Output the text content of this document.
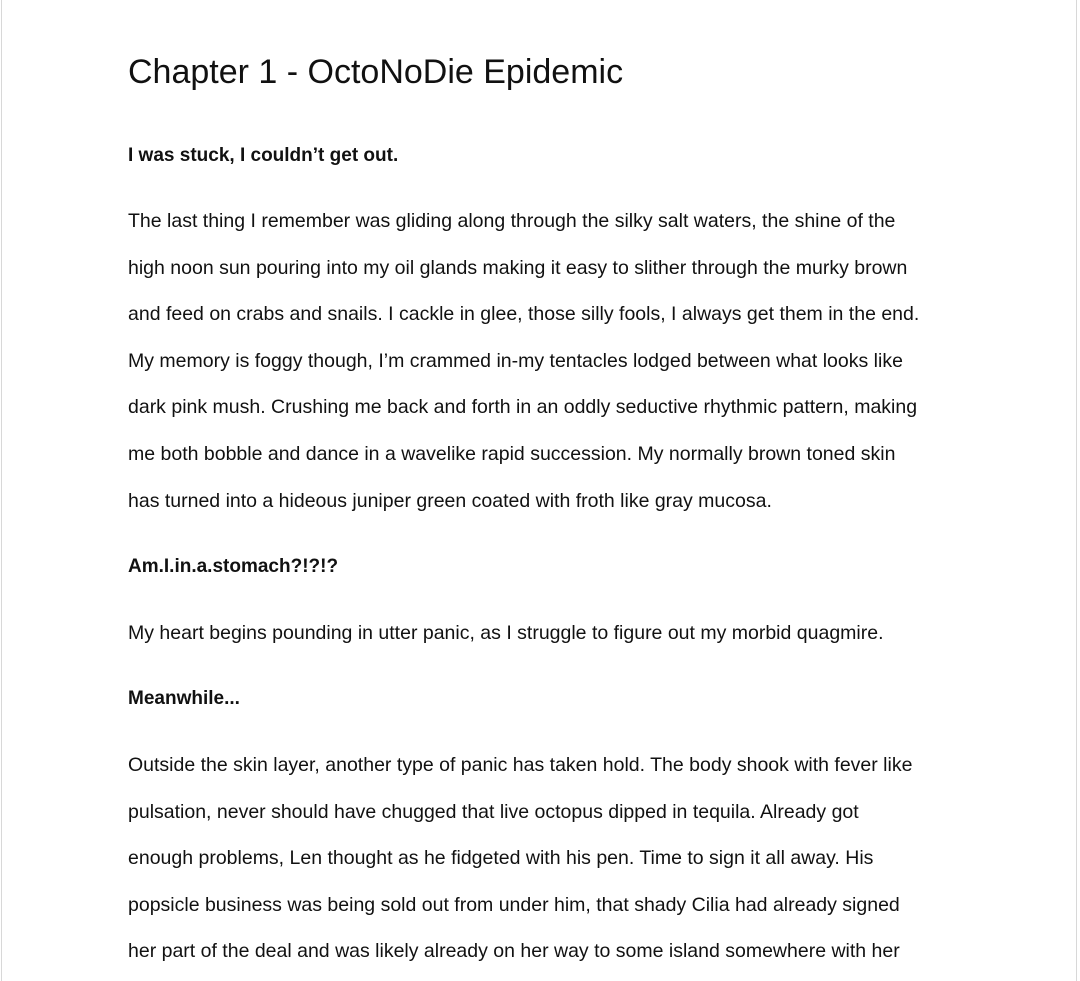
Chapter 1 - OctoNoDie Epidemic

I was stuck, I couldn’t get out.

The last thing I remember was gliding along through the silky salt waters, the shine of the
high noon sun pouring into my oil glands making it easy to slither through the murky brown
and feed on crabs and snails. I cackle in glee, those silly fools, I always get them in the end.
My memory is foggy though, I’m crammed in-my tentacles lodged between what looks like
dark pink mush. Crushing me back and forth in an oddly seductive rhythmic pattern, making
me both bobble and dance in a wavelike rapid succession. My normally brown toned skin
has turned into a hideous juniper green coated with froth like gray mucosa.

Am.I.in.a.stomach?!?!?

My heart begins pounding in utter panic, as I struggle to figure out my morbid quagmire.

Meanwhile...

Outside the skin layer, another type of panic has taken hold. The body shook with fever like
pulsation, never should have chugged that live octopus dipped in tequila. Already got
enough problems, Len thought as he fidgeted with his pen. Time to sign it all away. His
popsicle business was being sold out from under him, that shady Cilia had already signed
her part of the deal and was likely already on her way to some island somewhere with her
